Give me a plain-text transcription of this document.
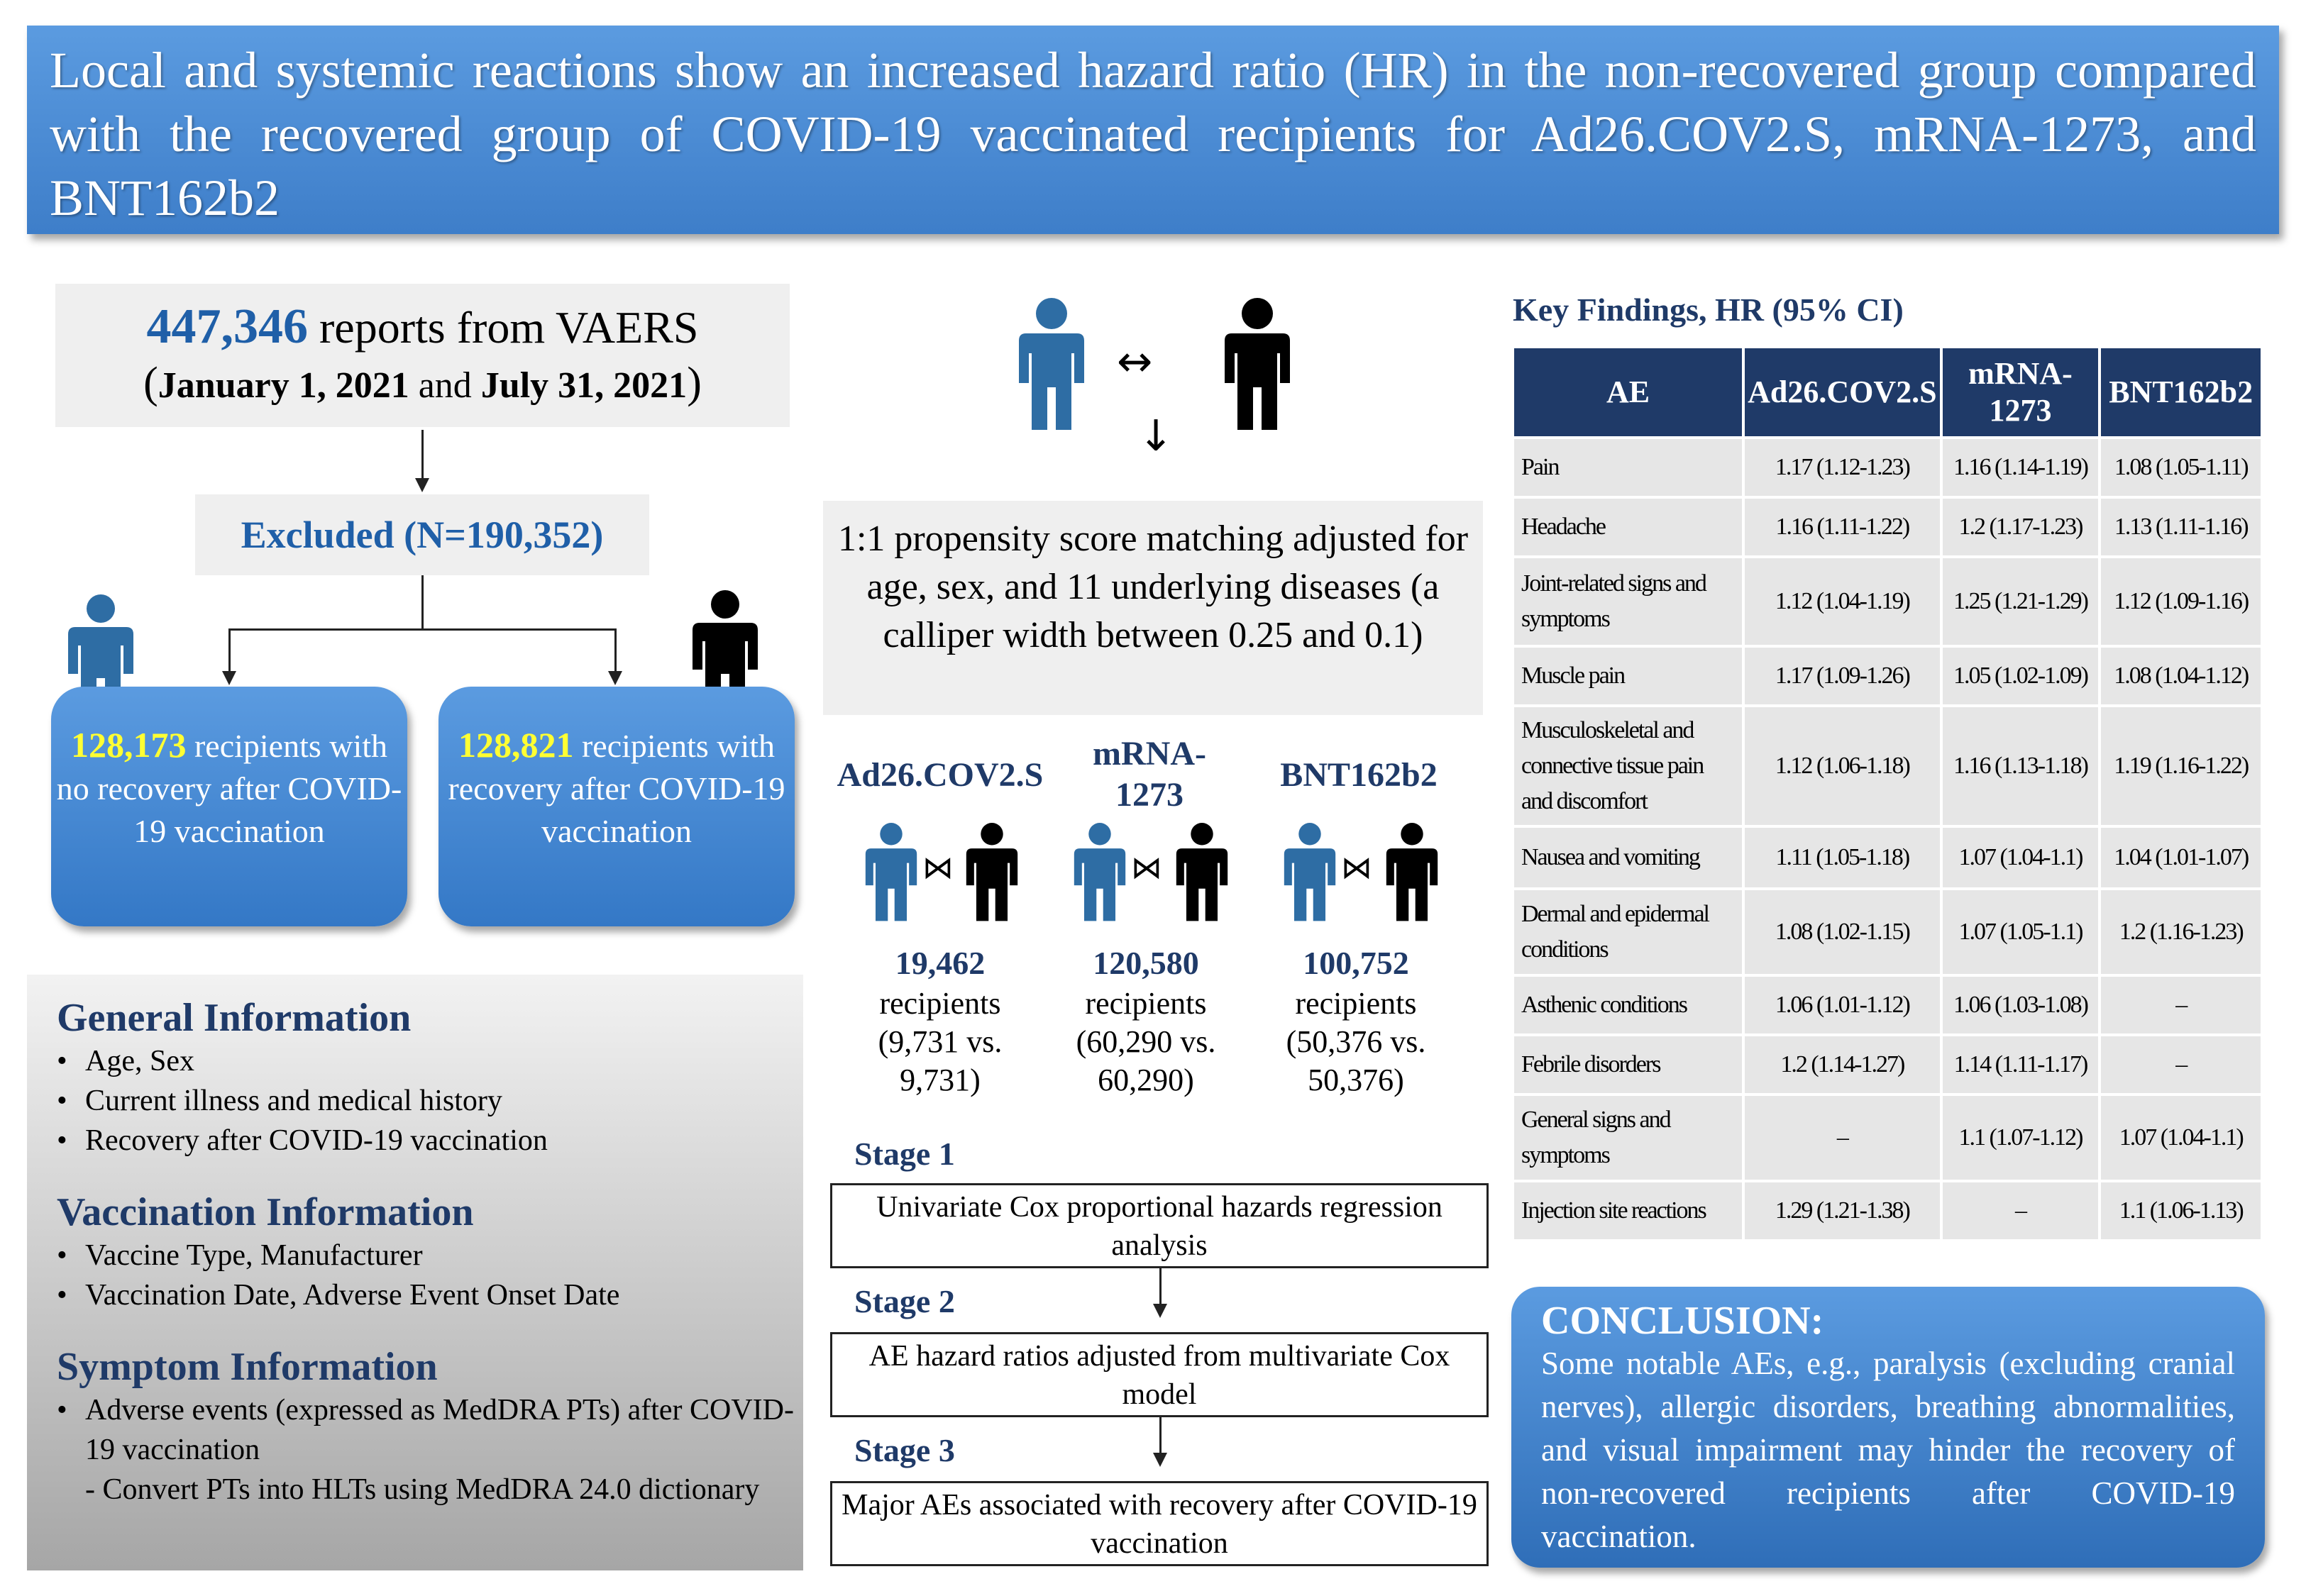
Local and systemic reactions show an increased hazard ratio (HR) in the non-recovered group compared with the recovered group of COVID-19 vaccinated recipients for Ad26.COV2.S, mRNA-1273, and BNT162b2

447,346 reports from VAERS
(January 1, 2021 and July 31, 2021)
Excluded (N=190,352)
128,173 recipients with no recovery after COVID-19 vaccination
128,821 recipients with recovery after COVID-19 vaccination

General Information

• Age, Sex
• Current illness and medical history
• Recovery after COVID-19 vaccination

Vaccination Information

• Vaccine Type, Manufacturer
• Vaccination Date, Adverse Event Onset Date

Symptom Information

• Adverse events (expressed as MedDRA PTs) after COVID-19 vaccination
- Convert PTs into HLTs using MedDRA 24.0 dictionary
↔
↓
1:1 propensity score matching adjusted for age, sex, and 11 underlying diseases (a calliper width between 0.25 and 0.1)
Ad26.COV2.S
mRNA-1273
BNT162b2
⋈	⋈	⋈
19,462
recipients (9,731 vs. 9,731)
120,580
recipients (60,290 vs. 60,290)
100,752
recipients (50,376 vs. 50,376)
Stage 1
Univariate Cox proportional hazards regression analysis
Stage 2
AE hazard ratios adjusted from multivariate Cox model
Stage 3
Major AEs associated with recovery after COVID-19 vaccination
Key Findings, HR (95% CI)
AE	Ad26.COV2.S	mRNA-1273	BNT162b2
Pain	1.17 (1.12-1.23)	1.16 (1.14-1.19)	1.08 (1.05-1.11)
Headache	1.16 (1.11-1.22)	1.2 (1.17-1.23)	1.13 (1.11-1.16)
Joint-related signs and symptoms	1.12 (1.04-1.19)	1.25 (1.21-1.29)	1.12 (1.09-1.16)
Muscle pain	1.17 (1.09-1.26)	1.05 (1.02-1.09)	1.08 (1.04-1.12)
Musculoskeletal and connective tissue pain and discomfort	1.12 (1.06-1.18)	1.16 (1.13-1.18)	1.19 (1.16-1.22)
Nausea and vomiting	1.11 (1.05-1.18)	1.07 (1.04-1.1)	1.04 (1.01-1.07)
Dermal and epidermal conditions	1.08 (1.02-1.15)	1.07 (1.05-1.1)	1.2 (1.16-1.23)
Asthenic conditions	1.06 (1.01-1.12)	1.06 (1.03-1.08)	–
Febrile disorders	1.2 (1.14-1.27)	1.14 (1.11-1.17)	–
General signs and symptoms	–	1.1 (1.07-1.12)	1.07 (1.04-1.1)
Injection site reactions	1.29 (1.21-1.38)	–	1.1 (1.06-1.13)
CONCLUSION:
Some notable AEs, e.g., paralysis (excluding cranial nerves), allergic disorders, breathing abnormalities, and visual impairment may hinder the recovery of non-recovered recipients after COVID-19 vaccination.
